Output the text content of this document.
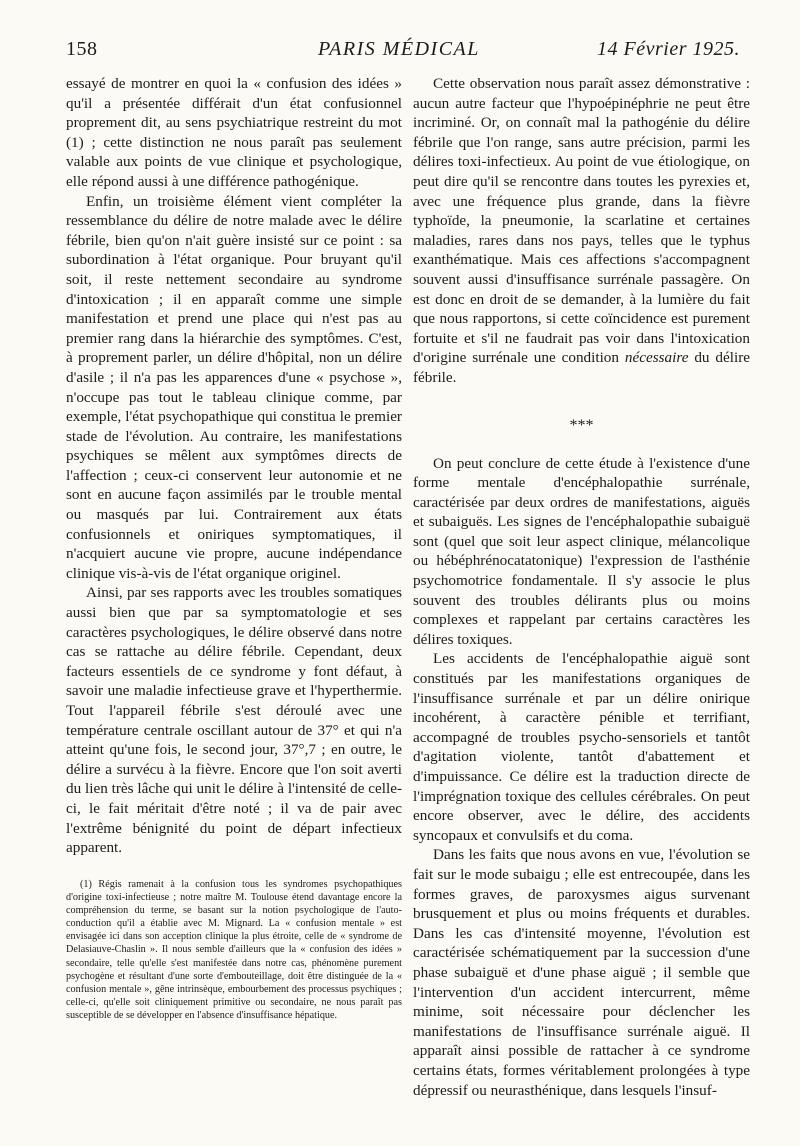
158	PARIS MÉDICAL	14 Février 1925.

essayé de montrer en quoi la « confusion des idées » qu'il a présentée différait d'un état confusionnel proprement dit, au sens psychiatrique restreint du mot (1) ; cette distinction ne nous paraît pas seulement valable aux points de vue clinique et psychologique, elle répond aussi à une différence pathogénique.

Enfin, un troisième élément vient compléter la ressemblance du délire de notre malade avec le délire fébrile, bien qu'on n'ait guère insisté sur ce point : sa subordination à l'état organique. Pour bruyant qu'il soit, il reste nettement secondaire au syndrome d'intoxication ; il en apparaît comme une simple manifestation et prend une place qui n'est pas au premier rang dans la hiérarchie des symptômes. C'est, à proprement parler, un délire d'hôpital, non un délire d'asile ; il n'a pas les apparences d'une « psychose », n'occupe pas tout le tableau clinique comme, par exemple, l'état psychopathique qui constitua le premier stade de l'évolution. Au contraire, les manifestations psychiques se mêlent aux symptômes directs de l'affection ; ceux-ci conservent leur autonomie et ne sont en aucune façon assimilés par le trouble mental ou masqués par lui. Contrairement aux états confusionnels et oniriques symptomatiques, il n'acquiert aucune vie propre, aucune indépendance clinique vis-à-vis de l'état organique originel.

Ainsi, par ses rapports avec les troubles somatiques aussi bien que par sa symptomatologie et ses caractères psychologiques, le délire observé dans notre cas se rattache au délire fébrile. Cependant, deux facteurs essentiels de ce syndrome y font défaut, à savoir une maladie infectieuse grave et l'hyperthermie. Tout l'appareil fébrile s'est déroulé avec une température centrale oscillant autour de 37° et qui n'a atteint qu'une fois, le second jour, 37°,7 ; en outre, le délire a survécu à la fièvre. Encore que l'on soit averti du lien très lâche qui unit le délire à l'intensité de celle-ci, le fait méritait d'être noté ; il va de pair avec l'extrême bénignité du point de départ infectieux apparent.

(1) Régis ramenait à la confusion tous les syndromes psychopathiques d'origine toxi-infectieuse ; notre maître M. Toulouse étend davantage encore la compréhension du terme, se basant sur la notion psychologique de l'auto-conduction qu'il a établie avec M. Mignard. La « confusion mentale » est envisagée ici dans son acception clinique la plus étroite, celle de « syndrome de Delasiauve-Chaslin ». Il nous semble d'ailleurs que la « confusion des idées » secondaire, telle qu'elle s'est manifestée dans notre cas, phénomène purement psychogène et résultant d'une sorte d'embouteillage, doit être distinguée de la « confusion mentale », gêne intrinsèque, embourbement des processus psychiques ; celle-ci, qu'elle soit cliniquement primitive ou secondaire, ne nous paraît pas susceptible de se développer en l'absence d'insuffisance hépatique.

Cette observation nous paraît assez démonstrative : aucun autre facteur que l'hypoépinéphrie ne peut être incriminé. Or, on connaît mal la pathogénie du délire fébrile que l'on range, sans autre précision, parmi les délires toxi-infectieux. Au point de vue étiologique, on peut dire qu'il se rencontre dans toutes les pyrexies et, avec une fréquence plus grande, dans la fièvre typhoïde, la pneumonie, la scarlatine et certaines maladies, rares dans nos pays, telles que le typhus exanthématique. Mais ces affections s'accompagnent souvent aussi d'insuffisance surrénale passagère. On est donc en droit de se demander, à la lumière du fait que nous rapportons, si cette coïncidence est purement fortuite et s'il ne faudrait pas voir dans l'intoxication d'origine surrénale une condition nécessaire du délire fébrile.

***

On peut conclure de cette étude à l'existence d'une forme mentale d'encéphalopathie surrénale, caractérisée par deux ordres de manifestations, aiguës et subaiguës. Les signes de l'encéphalopathie subaiguë sont (quel que soit leur aspect clinique, mélancolique ou hébéphrénocatatonique) l'expression de l'asthénie psychomotrice fondamentale. Il s'y associe le plus souvent des troubles délirants plus ou moins complexes et rappelant par certains caractères les délires toxiques.

Les accidents de l'encéphalopathie aiguë sont constitués par les manifestations organiques de l'insuffisance surrénale et par un délire onirique incohérent, à caractère pénible et terrifiant, accompagné de troubles psycho-sensoriels et tantôt d'agitation violente, tantôt d'abattement et d'impuissance. Ce délire est la traduction directe de l'imprégnation toxique des cellules cérébrales. On peut encore observer, avec le délire, des accidents syncopaux et convulsifs et du coma.

Dans les faits que nous avons en vue, l'évolution se fait sur le mode subaigu ; elle est entrecoupée, dans les formes graves, de paroxysmes aigus survenant brusquement et plus ou moins fréquents et durables. Dans les cas d'intensité moyenne, l'évolution est caractérisée schématiquement par la succession d'une phase subaiguë et d'une phase aiguë ; il semble que l'intervention d'un accident intercurrent, même minime, soit nécessaire pour déclencher les manifestations de l'insuffisance surrénale aiguë. Il apparaît ainsi possible de rattacher à ce syndrome certains états, formes véritablement prolongées à type dépressif ou neurasthénique, dans lesquels l'insuf-
